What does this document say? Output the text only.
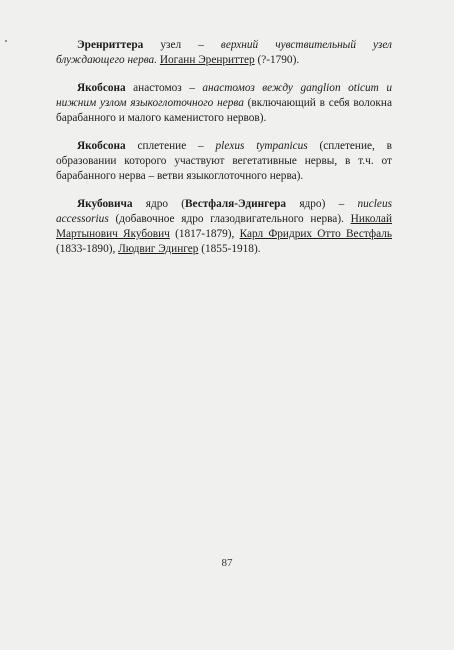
Эренриттера узел – верхний чувствительный узел блуждающего нерва. Иоганн Эренриттер (?-1790).

Якобсона анастомоз – анастомоз вежду ganglion oticum и нижним узлом языкоглоточного нерва (включающий в себя волокна барабанного и малого каменистого нервов).

Якобсона сплетение – plexus tympanicus (сплетение, в образовании которого участвуют вегетативные нервы, в т.ч. от барабанного нерва – ветви языкоглоточного нерва).

Якубовича ядро (Вестфаля-Эдингера ядро) – nucleus accessorius (добавочное ядро глазодвигательного нерва). Николай Мартынович Якубович (1817-1879), Карл Фридрих Отто Вестфаль (1833-1890), Людвиг Эдингер (1855-1918).

87
